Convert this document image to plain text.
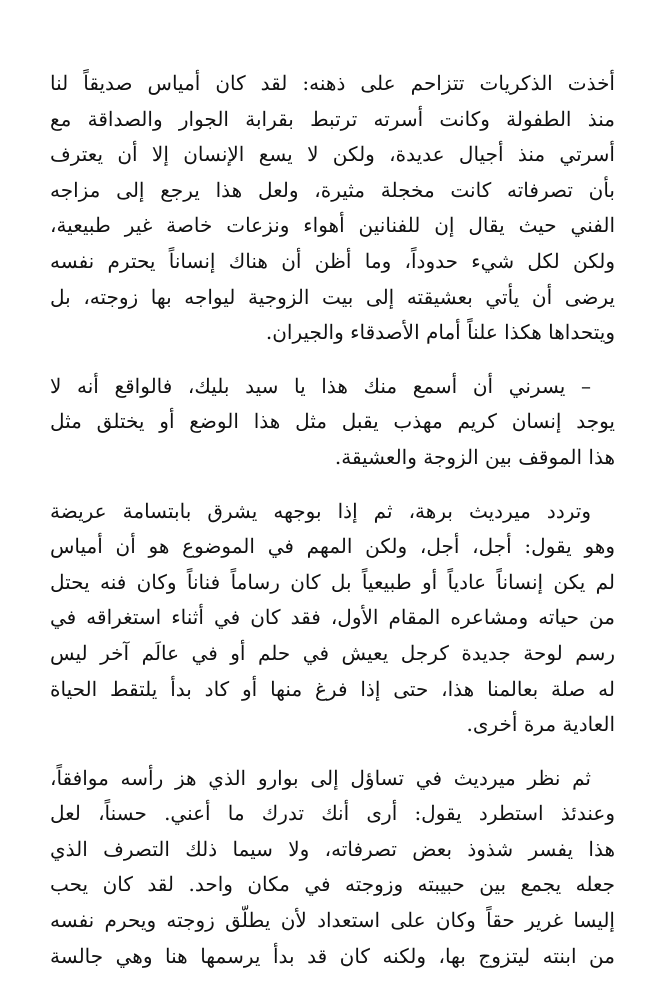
أخذت الذكريات تتزاحم على ذهنه: لقد كان أمياس صديقاً لنا
منذ الطفولة وكانت أسرته ترتبط بقرابة الجوار والصداقة مع
أسرتي منذ أجيال عديدة، ولكن لا يسع الإنسان إلا أن يعترف
بأن تصرفاته كانت مخجلة مثيرة، ولعل هذا يرجع إلى مزاجه
الفني حيث يقال إن للفنانين أهواء ونزعات خاصة غير طبيعية،
ولكن لكل شيء حدوداً، وما أظن أن هناك إنساناً يحترم نفسه
يرضى أن يأتي بعشيقته إلى بيت الزوجية ليواجه بها زوجته، بل
ويتحداها هكذا علناً أمام الأصدقاء والجيران.
– يسرني أن أسمع منك هذا يا سيد بليك، فالواقع أنه لا
يوجد إنسان كريم مهذب يقبل مثل هذا الوضع أو يختلق مثل
هذا الموقف بين الزوجة والعشيقة.
وتردد ميرديث برهة، ثم إذا بوجهه يشرق بابتسامة عريضة
وهو يقول: أجل، أجل، ولكن المهم في الموضوع هو أن أمياس
لم يكن إنساناً عادياً أو طبيعياً بل كان رساماً فناناً وكان فنه يحتل
من حياته ومشاعره المقام الأول، فقد كان في أثناء استغراقه في
رسم لوحة جديدة كرجل يعيش في حلم أو في عالَم آخر ليس
له صلة بعالمنا هذا، حتى إذا فرغ منها أو كاد بدأ يلتقط الحياة
العادية مرة أخرى.
ثم نظر ميرديث في تساؤل إلى بوارو الذي هز رأسه موافقاً،
وعندئذ استطرد يقول: أرى أنك تدرك ما أعني. حسناً، لعل
هذا يفسر شذوذ بعض تصرفاته، ولا سيما ذلك التصرف الذي
جعله يجمع بين حبيبته وزوجته في مكان واحد. لقد كان يحب
إليسا غرير حقاً وكان على استعداد لأن يطلّق زوجته ويحرم نفسه
من ابنته ليتزوج بها، ولكنه كان قد بدأ يرسمها هنا وهي جالسة
